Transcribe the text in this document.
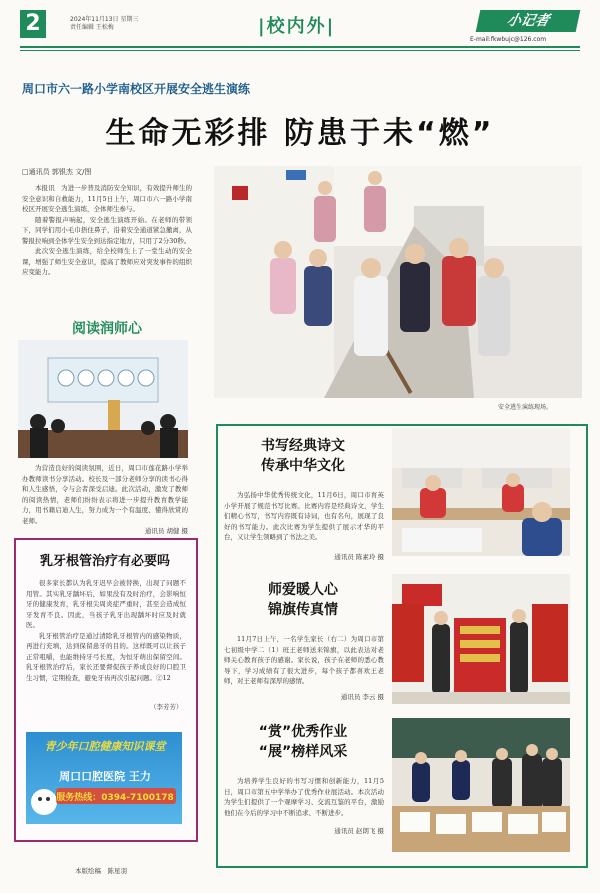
2	2024年11月13日 星期三
责任编辑 王松梅	|校内外|	小记者
E-mail:fkwbujc@126.com
周口市六一路小学南校区开展安全逃生演练
生命无彩排 防患于未“燃”
□通讯员 郭银杰 文/图

本报讯　为进一步普及消防安全知识，有效提升师生的安全意识和自救能力，11月5日上午，周口市六一路小学南校区开展安全逃生演练，全体师生参与。

随着警报声响起，安全逃生演练开始。在老师的带领下，同学们用小毛巾捂住鼻子，沿着安全通道紧急撤离，从警报拉响到全体学生安全到达指定地方，只用了2分30秒。

此次安全逃生演练，给全校师生上了一堂生动的安全课，增强了师生安全意识，提高了教师应对突发事件的组织应变能力。

安全逃生演练现场。
阅读润师心

为营造良好的阅读氛围，近日，周口市莲花路小学举办教师读书分享活动。校长及一部分老师分享的读书心得和人生感悟，令与会者深受启迪。此次活动，激发了教师的阅读热情，老师们纷纷表示将进一步提升教育教学能力，用书籍启迪人生，努力成为一个有温度、懂得欣赏的老师。

通讯员 胡健 摄
乳牙根管治疗有必要吗

很多家长都认为乳牙迟早会被替换，出现了问题不用管。其实乳牙龋坏后，如果没有及时治疗，会影响恒牙的健康发育，乳牙根尖周炎症严重时，甚至会造成恒牙发育不良。因此，当孩子乳牙出现龋坏时应及时就医。

乳牙根管治疗是通过清除乳牙根管内的感染物质，再进行充填，达到保留患牙的目的。这样既可以让孩子正常咀嚼，也能维持牙弓长度，为恒牙萌出保留空间。乳牙根管治疗后，家长还要督促孩子养成良好的口腔卫生习惯，定期检查，避免牙齿再次引起问题。②12

（李芳芳）
青少年口腔健康知识课堂
周口口腔医院 王力
服务热线：0394-7100178
本版绘稿　陈星羽
书写经典诗文
传承中华文化

为弘扬中华优秀传统文化，11月6日，周口市育英小学开展了规范书写比赛。比赛内容是经典诗文，学生们精心书写，书写内容既有诗词，也有名句，展现了良好的书写能力。此次比赛为学生提供了展示才华的平台，又让学生领略到了书法之美。

通讯员 陈素玲 摄
师爱暖人心
锦旗传真情

11月7日上午，一名学生家长（右二）为周口市第七初级中学二（1）班王老师送来锦旗，以此表达对老师关心教育孩子的感谢。家长说，孩子在老师的悉心教导下，学习成绩有了很大进步，每个孩子都喜欢王老师，对王老师有深厚的感情。

通讯员 李云 摄
“赏”优秀作业
“展”榜样风采

为培养学生良好的书写习惯和创新能力，11月5日，周口市第五中学举办了优秀作业展活动。本次活动为学生们提供了一个观摩学习、交流互鉴的平台，激励他们在今后的学习中不断追求、不断进步。

通讯员 赵朗飞 摄
